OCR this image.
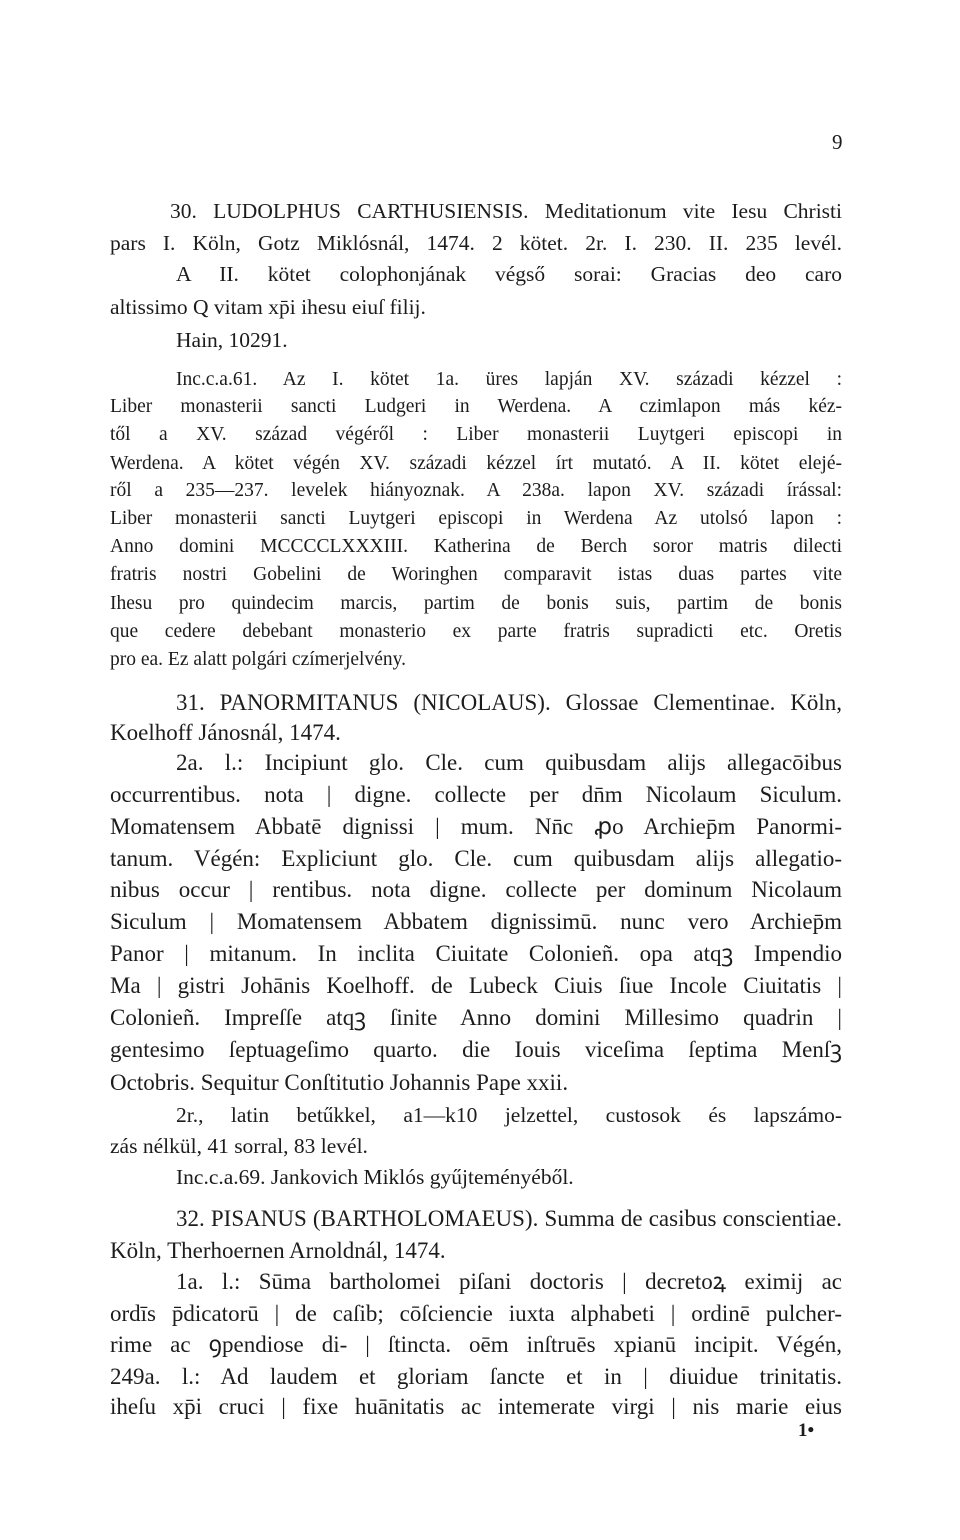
9
30. LUDOLPHUS CARTHUSIENSIS. Meditationum vite Iesu Christi
pars I. Köln, Gotz Miklósnál, 1474. 2 kötet. 2r. I. 230. II. 235 levél.
A II. kötet colophonjának végső sorai: Gracias deo caro
altissimo Q vitam xp̄i ihesu eiuſ filij.
Hain, 10291.
Inc.c.a.61. Az I. kötet 1a. üres lapján XV. századi kézzel :
Liber monasterii sancti Ludgeri in Werdena. A czimlapon más kéz-
től a XV. század végéről : Liber monasterii Luytgeri episcopi in
Werdena. A kötet végén XV. századi kézzel írt mutató. A II. kötet elejé-
ről a 235—237. levelek hiányoznak. A 238a. lapon XV. századi írással:
Liber monasterii sancti Luytgeri episcopi in Werdena Az utolsó lapon :
Anno domini MCCCCLXXXIII. Katherina de Berch soror matris dilecti
fratris nostri Gobelini de Woringhen comparavit istas duas partes vite
Ihesu pro quindecim marcis, partim de bonis suis, partim de bonis
que cedere debebant monasterio ex parte fratris supradicti etc. Oretis
pro ea. Ez alatt polgári czímerjelvény.
31. PANORMITANUS (NICOLAUS). Glossae Clementinae. Köln,
Koelhoff Jánosnál, 1474.
2a. l.: Incipiunt glo. Cle. cum quibusdam alijs allegacōibus
occurrentibus. nota | digne. collecte per dn̄m Nicolaum Siculum.
Momatensem Abbatē dignissi | mum. Nn̄c ꝓo Archiep̄m Panormi-
tanum. Végén: Expliciunt glo. Cle. cum quibusdam alijs allegatio-
nibus occur | rentibus. nota digne. collecte per dominum Nicolaum
Siculum | Momatensem Abbatem dignissimū. nunc vero Archiep̄m
Panor | mitanum. In inclita Ciuitate Colonieñ. opa atqꝫ Impendio
Ma | gistri Johānis Koelhoff. de Lubeck Ciuis ſiue Incole Ciuitatis |
Colonieñ. Impreſſe atqꝫ ſinite Anno domini Millesimo quadrin |
gentesimo ſeptuageſimo quarto. die Iouis viceſima ſeptima Menſꝫ
Octobris. Sequitur Conſtitutio Johannis Pape xxii.
2r., latin betűkkel, a1—k10 jelzettel, custosok és lapszámo-
zás nélkül, 41 sorral, 83 levél.
Inc.c.a.69. Jankovich Miklós gyűjteményéből.
32. PISANUS (BARTHOLOMAEUS). Summa de casibus conscientiae.
Köln, Therhoernen Arnoldnál, 1474.
1a. l.: Sūma bartholomei piſani doctoris | decretoꝝ eximij ac
ordīs p̄dicatorū | de caſib; cōſciencie iuxta alphabeti | ordinē pulcher-
rime ac ꝯpendiose di- | ſtincta. oēm inſtruēs xpianū incipit. Végén,
249a. l.: Ad laudem et gloriam ſancte et in | diuidue trinitatis.
iheſu xp̄i cruci | fixe huānitatis ac intemerate virgi | nis marie eius
1•
